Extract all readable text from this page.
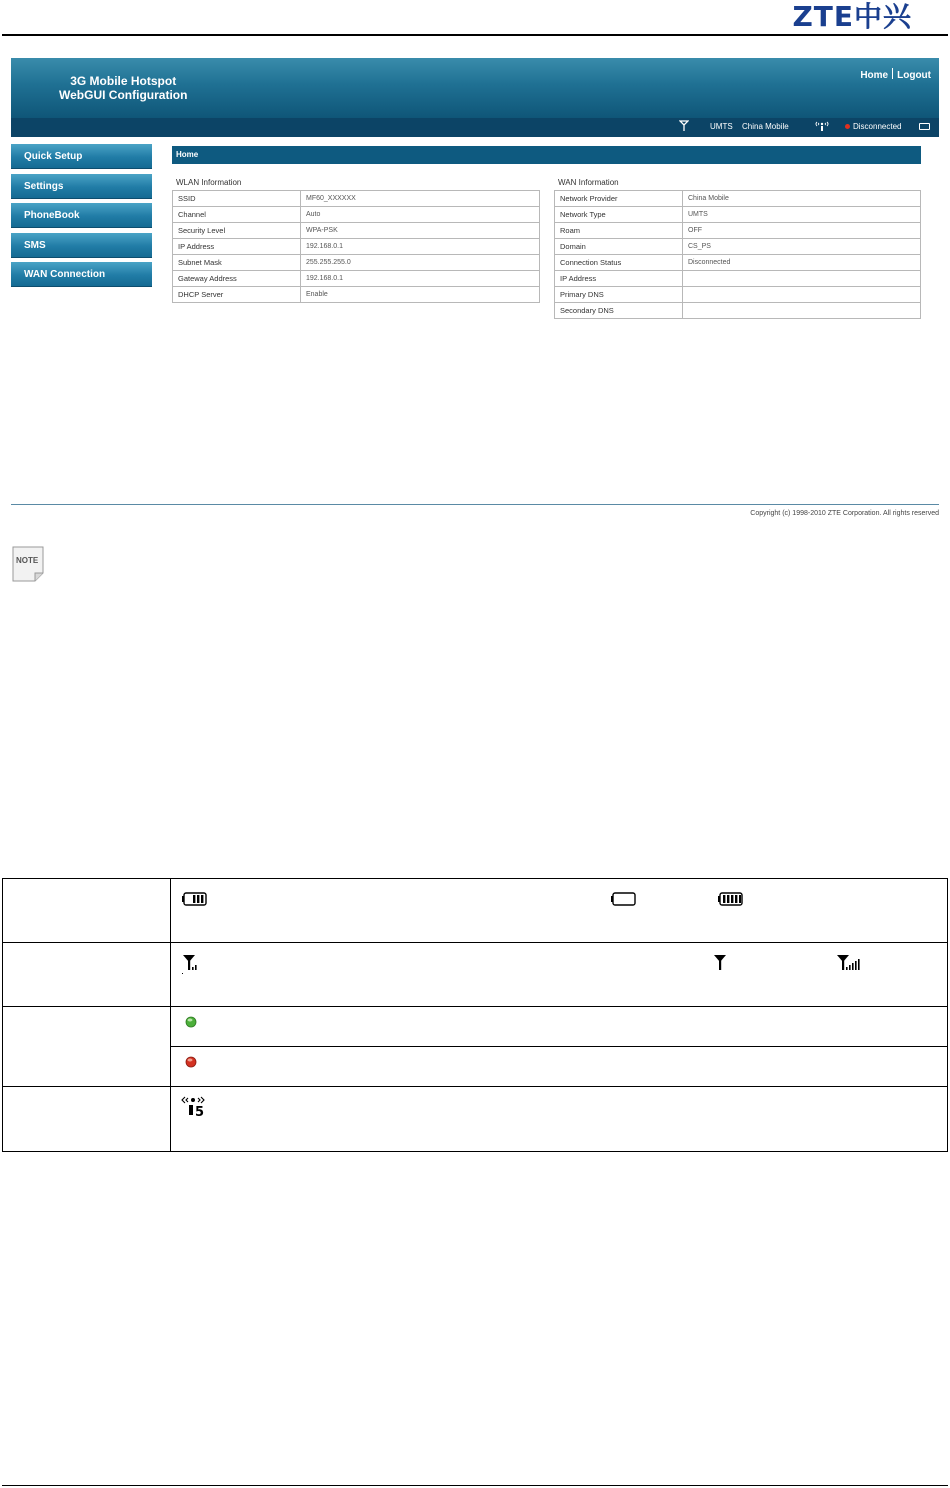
ZTE中兴
3G Mobile Hotspot
WebGUI Configuration
Home Logout
UMTS China Mobile	Disconnected
Quick Setup
Settings
PhoneBook
SMS
WAN Connection
Home
WLAN Information
SSID	MF60_XXXXXX
Channel	Auto
Security Level	WPA-PSK
IP Address	192.168.0.1
Subnet Mask	255.255.255.0
Gateway Address	192.168.0.1
DHCP Server	Enable
WAN Information
Network Provider	China Mobile
Network Type	UMTS
Roam	OFF
Domain	CS_PS
Connection Status	Disconnected
IP Address	
Primary DNS	
Secondary DNS	
Copyright (c) 1998-2010 ZTE Corporation. All rights reserved
NOTE

5
